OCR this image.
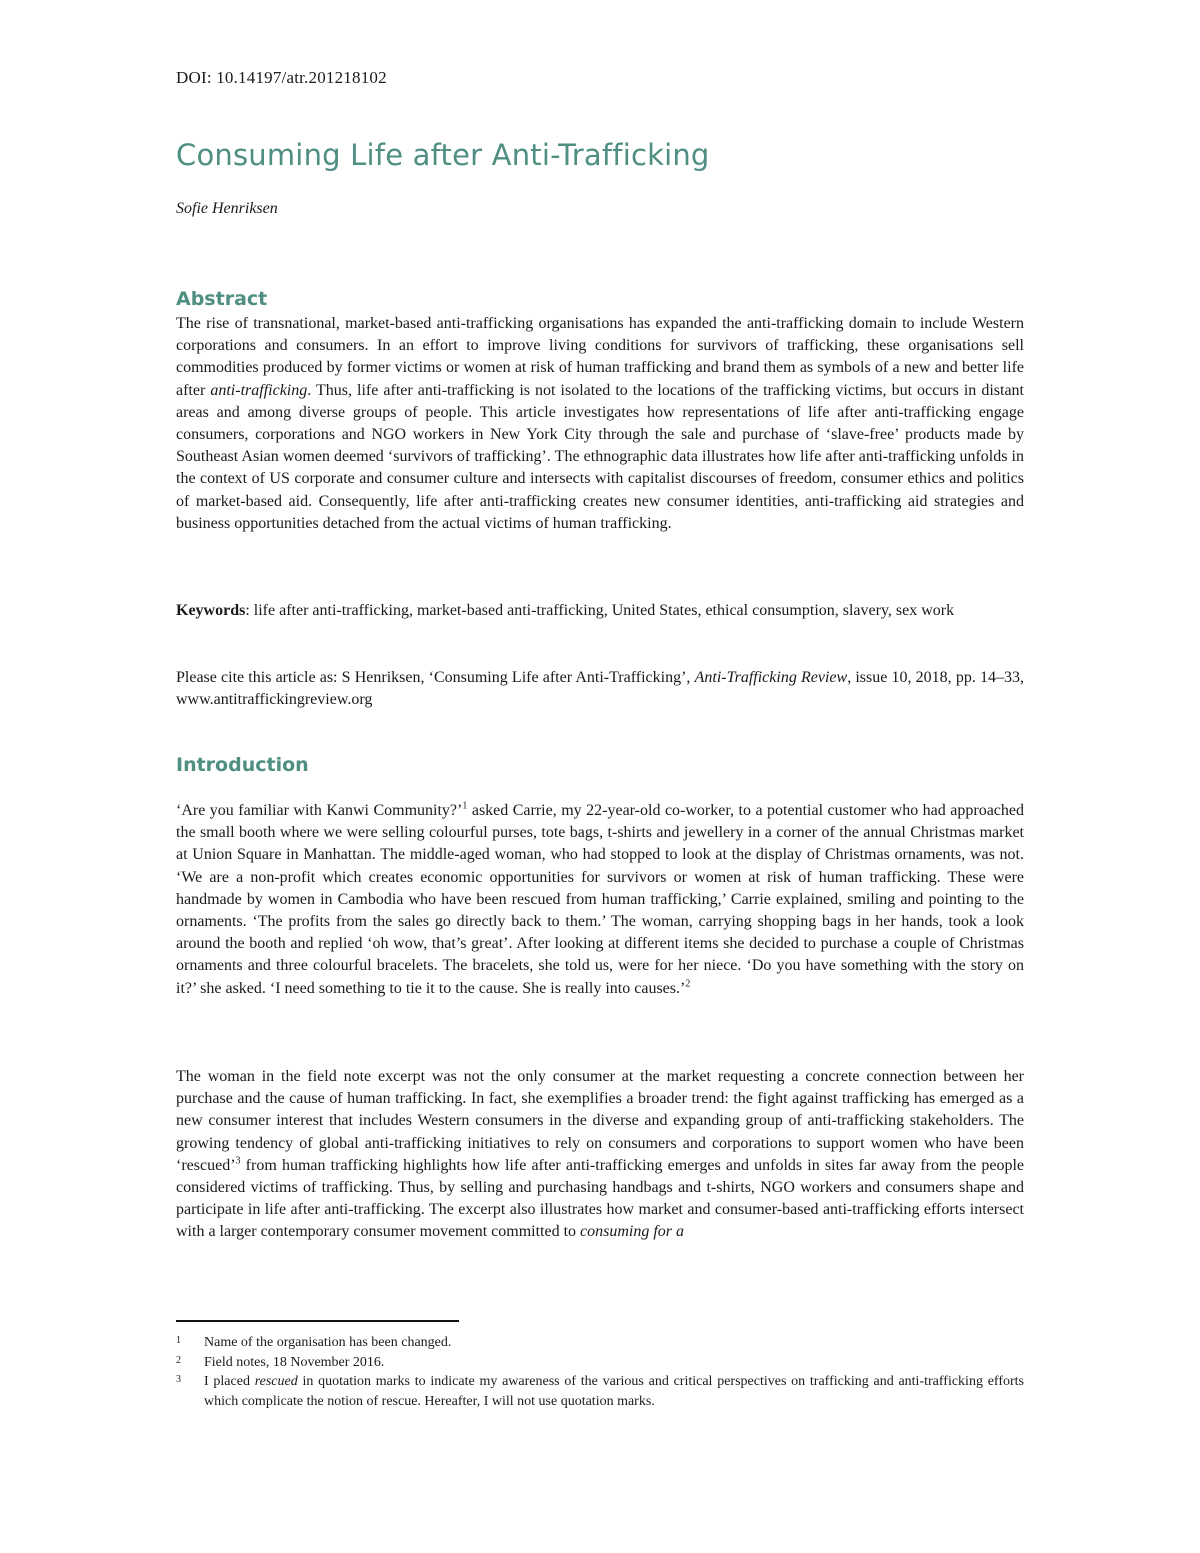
DOI: 10.14197/atr.201218102
Consuming Life after Anti-Trafficking
Sofie Henriksen
Abstract

The rise of transnational, market-based anti-trafficking organisations has expanded the anti-trafficking domain to include Western corporations and consumers. In an effort to improve living conditions for survivors of trafficking, these organisations sell commodities produced by former victims or women at risk of human trafficking and brand them as symbols of a new and better life after anti-trafficking. Thus, life after anti-trafficking is not isolated to the locations of the trafficking victims, but occurs in distant areas and among diverse groups of people. This article investigates how representations of life after anti-trafficking engage consumers, corporations and NGO workers in New York City through the sale and purchase of ‘slave-free’ products made by Southeast Asian women deemed ‘survivors of trafficking’. The ethnographic data illustrates how life after anti-trafficking unfolds in the context of US corporate and consumer culture and intersects with capitalist discourses of freedom, consumer ethics and politics of market-based aid. Consequently, life after anti-trafficking creates new consumer identities, anti-trafficking aid strategies and business opportunities detached from the actual victims of human trafficking.

Keywords: life after anti-trafficking, market-based anti-trafficking, United States, ethical consumption, slavery, sex work

Please cite this article as: S Henriksen, ‘Consuming Life after Anti-Trafficking’, Anti-Trafficking Review, issue 10, 2018, pp. 14–33, www.antitraffickingreview.org

Introduction

‘Are you familiar with Kanwi Community?’$^1$ asked Carrie, my 22-year-old co-worker, to a potential customer who had approached the small booth where we were selling colourful purses, tote bags, t-shirts and jewellery in a corner of the annual Christmas market at Union Square in Manhattan. The middle-aged woman, who had stopped to look at the display of Christmas ornaments, was not. ‘We are a non-profit which creates economic opportunities for survivors or women at risk of human trafficking. These were handmade by women in Cambodia who have been rescued from human trafficking,’ Carrie explained, smiling and pointing to the ornaments. ‘The profits from the sales go directly back to them.’ The woman, carrying shopping bags in her hands, took a look around the booth and replied ‘oh wow, that’s great’. After looking at different items she decided to purchase a couple of Christmas ornaments and three colourful bracelets. The bracelets, she told us, were for her niece. ‘Do you have something with the story on it?’ she asked. ‘I need something to tie it to the cause. She is really into causes.’$^2$

The woman in the field note excerpt was not the only consumer at the market requesting a concrete connection between her purchase and the cause of human trafficking. In fact, she exemplifies a broader trend: the fight against trafficking has emerged as a new consumer interest that includes Western consumers in the diverse and expanding group of anti-trafficking stakeholders. The growing tendency of global anti-trafficking initiatives to rely on consumers and corporations to support women who have been ‘rescued’$^3$ from human trafficking highlights how life after anti-trafficking emerges and unfolds in sites far away from the people considered victims of trafficking. Thus, by selling and purchasing handbags and t-shirts, NGO workers and consumers shape and participate in life after anti-trafficking. The excerpt also illustrates how market and consumer-based anti-trafficking efforts intersect with a larger contemporary consumer movement committed to consuming for a

1	Name of the organisation has been changed.
2	Field notes, 18 November 2016.
3	I placed rescued in quotation marks to indicate my awareness of the various and critical perspectives on trafficking and anti-trafficking efforts which complicate the notion of rescue. Hereafter, I will not use quotation marks.
